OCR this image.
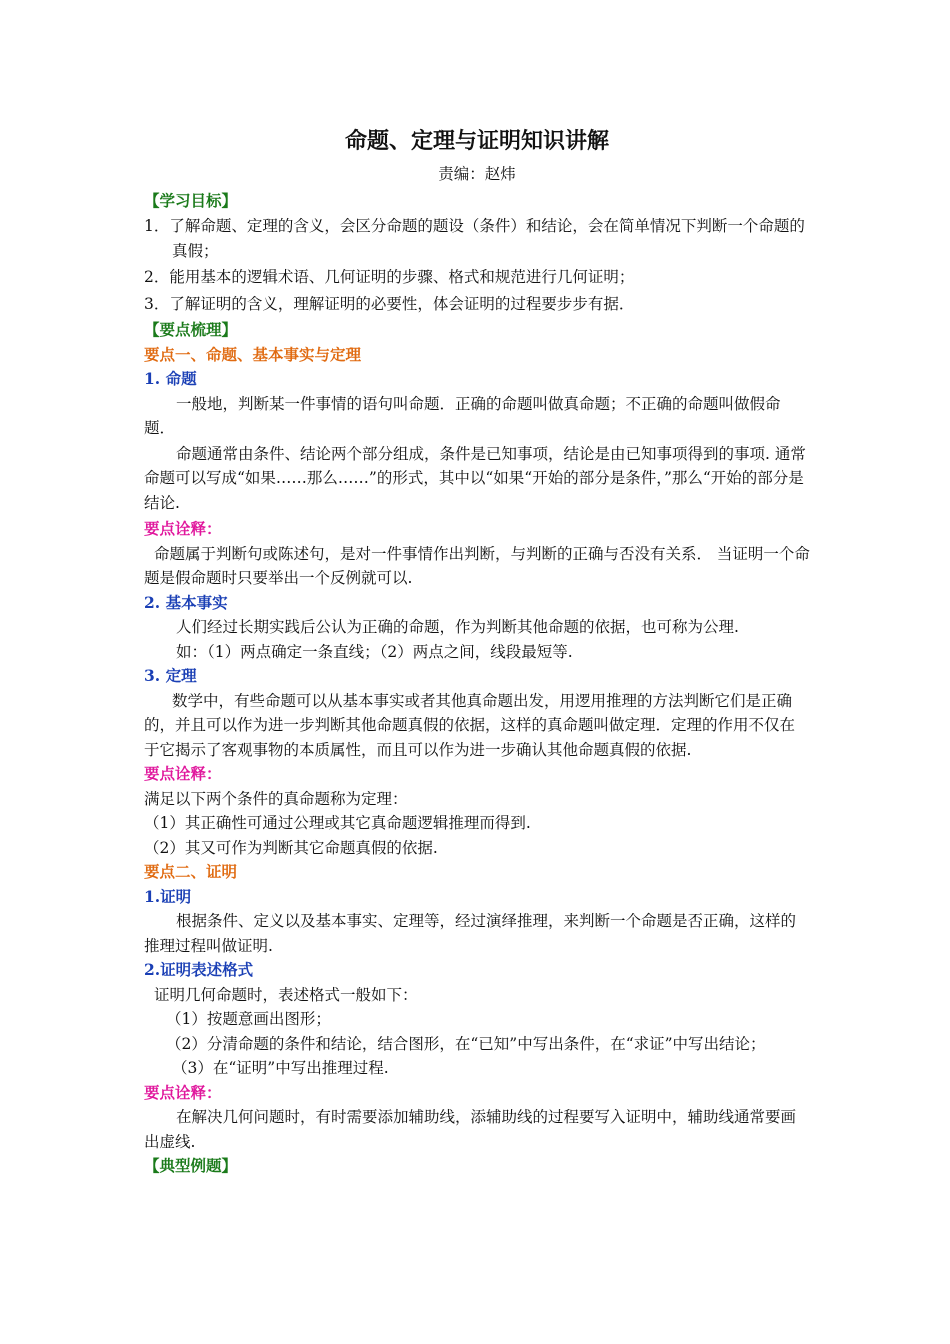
命题、定理与证明知识讲解

责编：赵炜

【学习目标】

1．了解命题、定理的含义，会区分命题的题设（条件）和结论，会在简单情况下判断一个命题的真假；

2．能用基本的逻辑术语、几何证明的步骤、格式和规范进行几何证明；

3．了解证明的含义，理解证明的必要性，体会证明的过程要步步有据．

【要点梳理】

要点一、命题、基本事实与定理

1. 命题

一般地，判断某一件事情的语句叫命题．正确的命题叫做真命题；不正确的命题叫做假命题．

命题通常由条件、结论两个部分组成，条件是已知事项，结论是由已知事项得到的事项. 通常命题可以写成“如果……那么……”的形式，其中以“如果“开始的部分是条件，”那么“开始的部分是结论.

要点诠释：

命题属于判断句或陈述句，是对一件事情作出判断，与判断的正确与否没有关系． 当证明一个命题是假命题时只要举出一个反例就可以.

2. 基本事实

人们经过长期实践后公认为正确的命题，作为判断其他命题的依据，也可称为公理.

如：（1）两点确定一条直线；（2）两点之间，线段最短等.

3. 定理

数学中，有些命题可以从基本事实或者其他真命题出发，用逻用推理的方法判断它们是正确的，并且可以作为进一步判断其他命题真假的依据，这样的真命题叫做定理．定理的作用不仅在于它揭示了客观事物的本质属性，而且可以作为进一步确认其他命题真假的依据.

要点诠释：

满足以下两个条件的真命题称为定理：

（1）其正确性可通过公理或其它真命题逻辑推理而得到.

（2）其又可作为判断其它命题真假的依据.

要点二、证明

1.证明

根据条件、定义以及基本事实、定理等，经过演绎推理，来判断一个命题是否正确，这样的推理过程叫做证明.

2.证明表述格式

证明几何命题时，表述格式一般如下：

（1）按题意画出图形；

（2）分清命题的条件和结论，结合图形，在“已知”中写出条件，在“求证”中写出结论；

（3）在“证明”中写出推理过程.

要点诠释：

在解决几何问题时，有时需要添加辅助线，添辅助线的过程要写入证明中，辅助线通常要画出虚线.

【典型例题】
